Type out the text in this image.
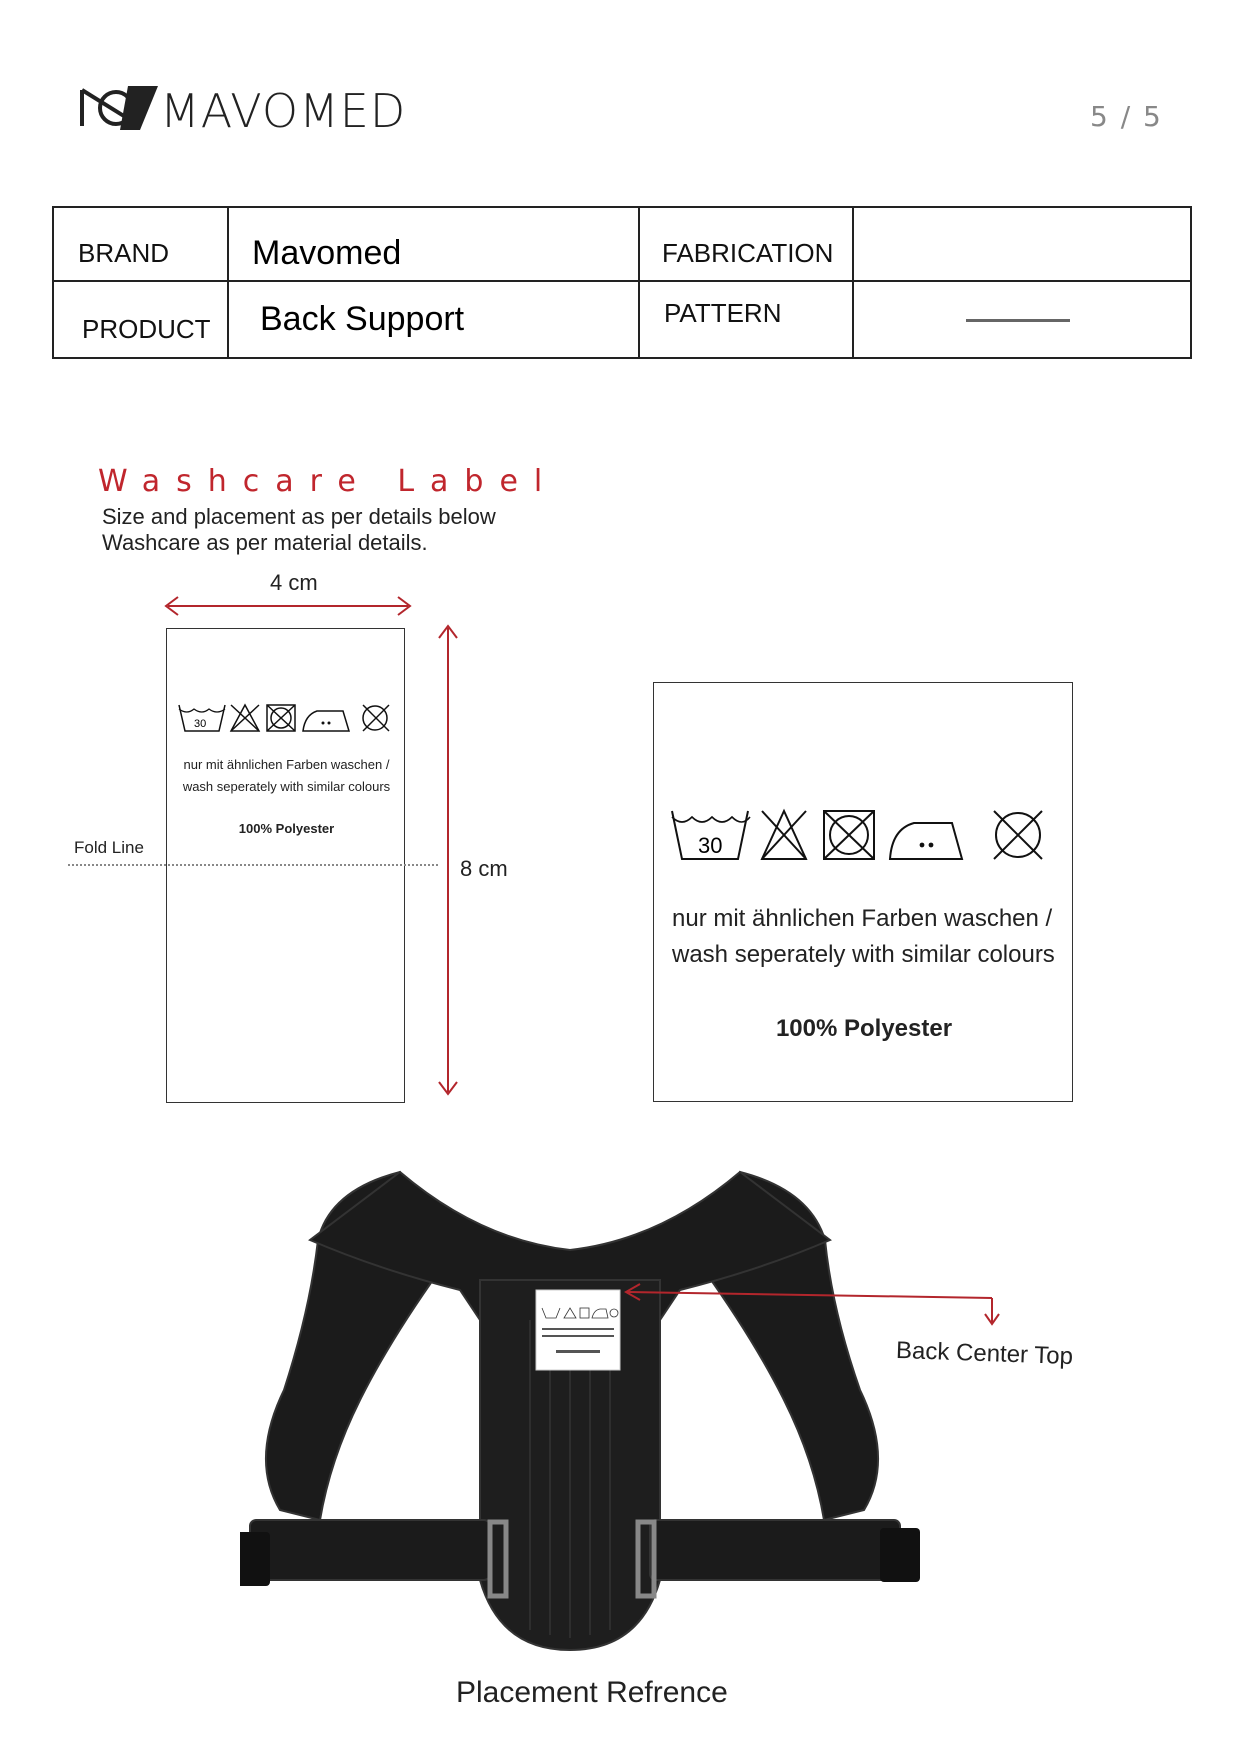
MAVOMED	5 / 5
BRAND Mavomed	FABRICATION
PRODUCT Back Support	PATTERN
Washcare Label
Size and placement as per details below
Washcare as per material details.
4 cm
8 cm
30
nur mit ähnlichen Farben waschen /
wash seperately with similar colours
100% Polyester
Fold Line	30
nur mit ähnlichen Farben waschen /
wash seperately with similar colours
100% Polyester
Back Center Top
Placement Refrence
